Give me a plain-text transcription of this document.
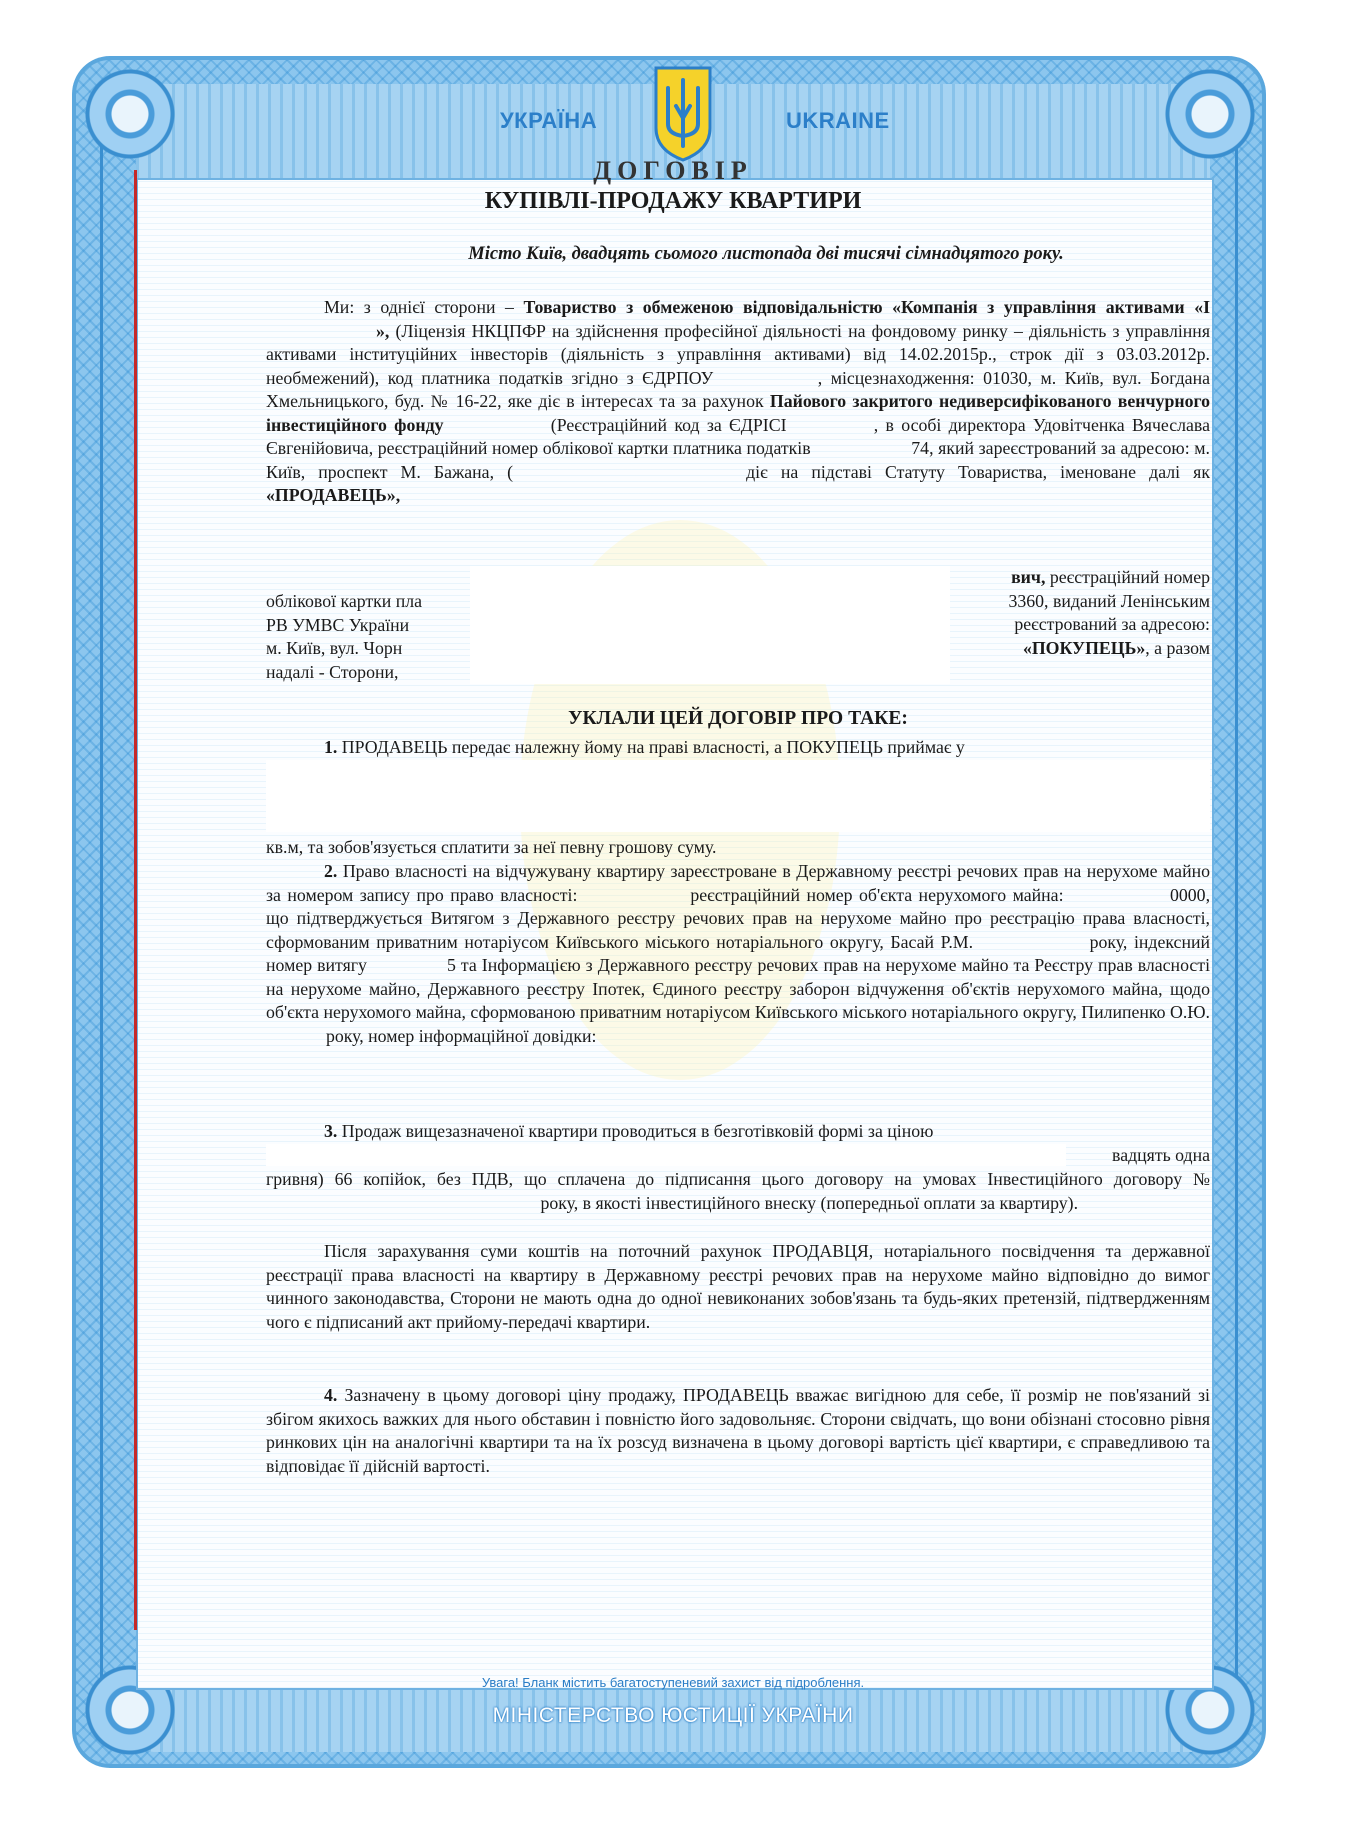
УКРАЇНА	UKRAINE
ДОГОВІР
КУПІВЛІ-ПРОДАЖУ КВАРТИРИ
Місто Київ, двадцять сьомого листопада дві тисячі сімнадцятого року.
Ми: з однієї сторони – Товариство з обмеженою відповідальністю «Компанія з управління активами «І», (Ліцензія НКЦПФР на здійснення професійної діяльності на фондовому ринку – діяльність з управління активами інституційних інвесторів (діяльність з управління активами) від 14.02.2015р., строк дії з 03.03.2012р. необмежений), код платника податків згідно з ЄДРПОУ	, місцезнаходження: 01030, м. Київ, вул. Богдана Хмельницького, буд. № 16-22, яке діє в інтересах та за рахунок Пайового закритого недиверсифікованого венчурного інвестиційного фонду	(Реєстраційний код за ЄДРІСІ	, в особі директора Удовітченка Вячеслава Євгенійовича, реєстраційний номер облікової картки платника податків	74, який зареєстрований за адресою: м. Київ, проспект М. Бажана, (	діє на підставі Статуту Товариства, іменоване далі як «ПРОДАВЕЦЬ»,
облікової картки пла
РВ УМВС України
м. Київ, вул. Чорн
надалі - Сторони,
вич, реєстраційний номер
3360, виданий Ленінським
реєстрований за адресою:
«ПОКУПЕЦЬ», а разом
УКЛАЛИ ЦЕЙ ДОГОВІР ПРО ТАКЕ:
1. ПРОДАВЕЦЬ передає належну йому на праві власності, а ПОКУПЕЦЬ приймає у
кв.м, та зобов'язується сплатити за неї певну грошову суму.
2. Право власності на відчужувану квартиру зареєстроване в Державному реєстрі речових прав на нерухоме майно за номером запису про право власності:	реєстраційний номер об'єкта нерухомого майна:	0000, що підтверджується Витягом з Державного реєстру речових прав на нерухоме майно про реєстрацію права власності, сформованим приватним нотаріусом Київського міського нотаріального округу, Басай Р.М.	року, індексний номер витягу	5 та Інформацією з Державного реєстру речових прав на нерухоме майно та Реєстру прав власності на нерухоме майно, Державного реєстру Іпотек, Єдиного реєстру заборон відчуження об'єктів нерухомого майна, щодо об'єкта нерухомого майна, сформованою приватним нотаріусом Київського міського нотаріального округу, Пилипенко О.Ю. року, номер інформаційної довідки:
3. Продаж вищезазначеної квартири проводиться в безготівковій формі за ціною
вадцять одна
гривня) 66 копійок, без ПДВ, що сплачена до підписання цього договору на умовах Інвестиційного договору № року, в якості інвестиційного внеску (попередньої оплати за квартиру).
Після зарахування суми коштів на поточний рахунок ПРОДАВЦЯ, нотаріального посвідчення та державної реєстрації права власності на квартиру в Державному реєстрі речових прав на нерухоме майно відповідно до вимог чинного законодавства, Сторони не мають одна до одної невиконаних зобов'язань та будь-яких претензій, підтвердженням чого є підписаний акт прийому-передачі квартири.
4. Зазначену в цьому договорі ціну продажу, ПРОДАВЕЦЬ вважає вигідною для себе, її розмір не пов'язаний зі збігом якихось важких для нього обставин і повністю його задовольняє. Сторони свідчать, що вони обізнані стосовно рівня ринкових цін на аналогічні квартири та на їх розсуд визначена в цьому договорі вартість цієї квартири, є справедливою та відповідає її дійсній вартості.
Увага! Бланк містить багатоступеневий захист від підроблення.
МІНІСТЕРСТВО ЮСТИЦІЇ УКРАЇНИ
